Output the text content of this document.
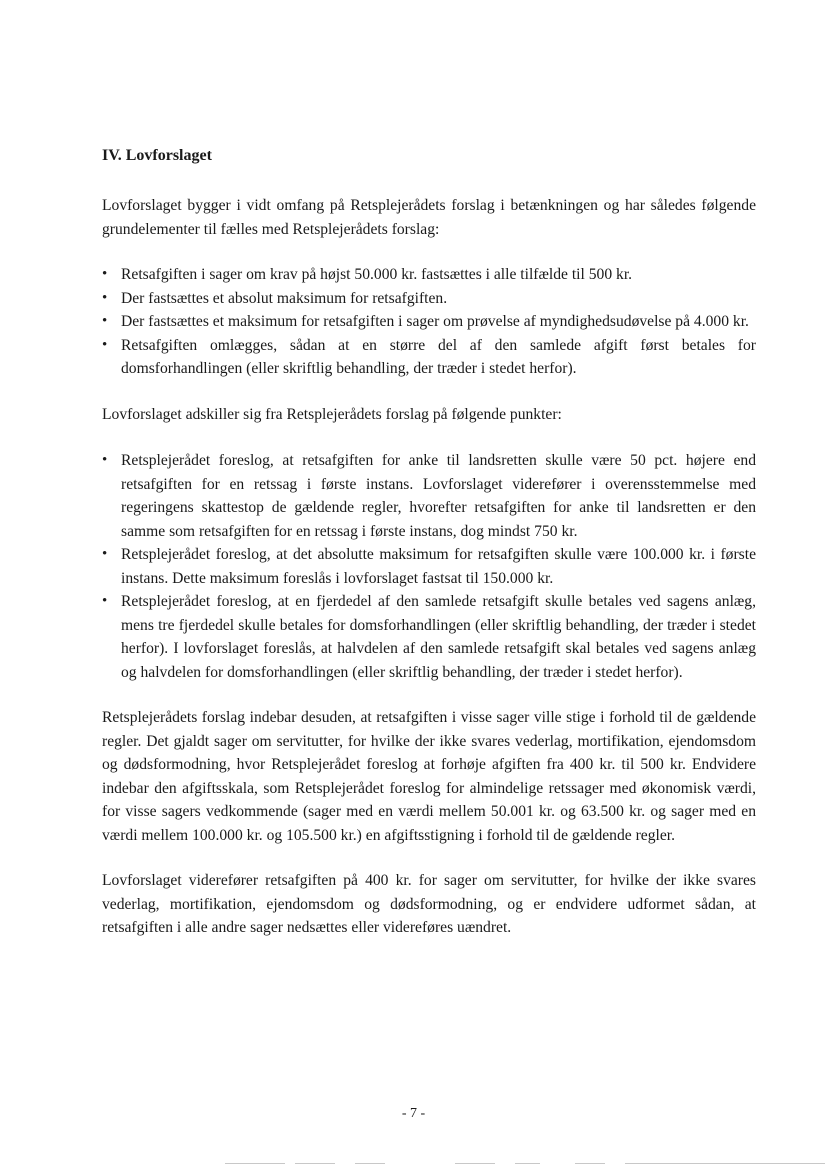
IV. Lovforslaget

Lovforslaget bygger i vidt omfang på Retsplejerådets forslag i betænkningen og har således følgende grundelementer til fælles med Retsplejerådets forslag:

• Retsafgiften i sager om krav på højst 50.000 kr. fastsættes i alle tilfælde til 500 kr.
• Der fastsættes et absolut maksimum for retsafgiften.
• Der fastsættes et maksimum for retsafgiften i sager om prøvelse af myndighedsudøvelse på 4.000 kr.
• Retsafgiften omlægges, sådan at en større del af den samlede afgift først betales for domsforhandlingen (eller skriftlig behandling, der træder i stedet herfor).

Lovforslaget adskiller sig fra Retsplejerådets forslag på følgende punkter:

• Retsplejerådet foreslog, at retsafgiften for anke til landsretten skulle være 50 pct. højere end retsafgiften for en retssag i første instans. Lovforslaget viderefører i overensstemmelse med regeringens skattestop de gældende regler, hvorefter retsafgiften for anke til landsretten er den samme som retsafgiften for en retssag i første instans, dog mindst 750 kr.
• Retsplejerådet foreslog, at det absolutte maksimum for retsafgiften skulle være 100.000 kr. i første instans. Dette maksimum foreslås i lovforslaget fastsat til 150.000 kr.
• Retsplejerådet foreslog, at en fjerdedel af den samlede retsafgift skulle betales ved sagens anlæg, mens tre fjerdedel skulle betales for domsforhandlingen (eller skriftlig behandling, der træder i stedet herfor). I lovforslaget foreslås, at halvdelen af den samlede retsafgift skal betales ved sagens anlæg og halvdelen for domsforhandlingen (eller skriftlig behandling, der træder i stedet herfor).

Retsplejerådets forslag indebar desuden, at retsafgiften i visse sager ville stige i forhold til de gældende regler. Det gjaldt sager om servitutter, for hvilke der ikke svares vederlag, mortifikation, ejendomsdom og dødsformodning, hvor Retsplejerådet foreslog at forhøje afgiften fra 400 kr. til 500 kr. Endvidere indebar den afgiftsskala, som Retsplejerådet foreslog for almindelige retssager med økonomisk værdi, for visse sagers vedkommende (sager med en værdi mellem 50.001 kr. og 63.500 kr. og sager med en værdi mellem 100.000 kr. og 105.500 kr.) en afgiftsstigning i forhold til de gældende regler.

Lovforslaget viderefører retsafgiften på 400 kr. for sager om servitutter, for hvilke der ikke svares vederlag, mortifikation, ejendomsdom og dødsformodning, og er endvidere udformet sådan, at retsafgiften i alle andre sager nedsættes eller videreføres uændret.

- 7 -
